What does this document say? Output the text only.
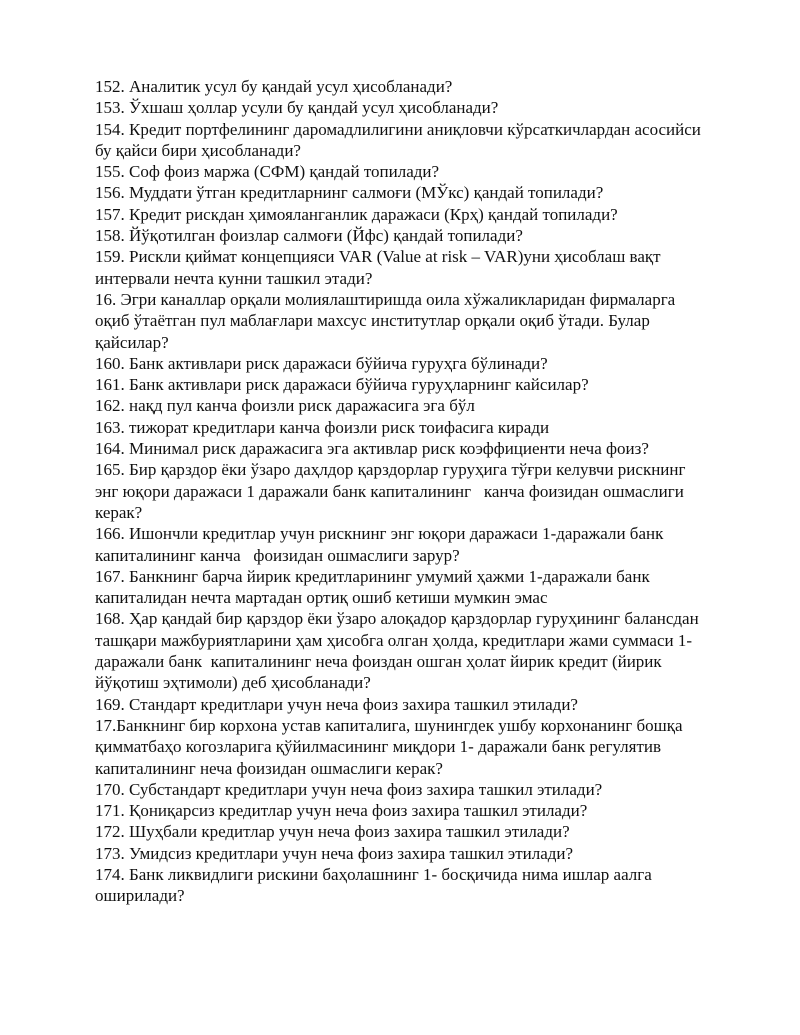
152. Аналитик усул бу қандай усул ҳисобланади?

153. Ўхшаш ҳоллар усули бу қандай усул ҳисобланади?

154. Кредит портфелининг даромадлилигини аниқловчи кўрсаткичлардан асосийси бу қайси бири ҳисобланади?

155. Соф фоиз маржа (СФМ) қандай топилади?

156. Муддати ўтган кредитларнинг салмоғи (МЎкс) қандай топилади?

157. Кредит рискдан ҳимояланганлик даражаси (Крҳ) қандай топилади?

158. Йўқотилган фоизлар салмоғи (Йфс) қандай топилади?

159. Рискли қиймат концепцияси VAR (Value at risk – VAR)уни ҳисоблаш вақт интервали нечта кунни ташкил этади?

16. Эгри каналлар орқали молиялаштиришда оила хўжаликларидан фирмаларга оқиб ўтаётган пул маблағлари махсус институтлар орқали оқиб ўтади. Булар қайсилар?

160. Банк активлари риск даражаси бўйича гуруҳга бўлинади?

161. Банк активлари риск даражаси бўйича гуруҳларнинг кайсилар?

162. нақд пул канча фоизли риск даражасига эга бўл

163. тижорат кредитлари канча фоизли риск тоифасига киради

164. Минимал риск даражасига эга активлар риск коэффициенти неча фоиз?

165. Бир қарздор ёки ўзаро даҳлдор қарздорлар гуруҳига тўғри келувчи рискнинг энг юқори даражаси 1 даражали банк капиталининг   канча фоизидан ошмаслиги керак?

166. Ишончли кредитлар учун рискнинг энг юқори даражаси 1-даражали банк капиталининг канча   фоизидан ошмаслиги зарур?

167. Банкнинг барча йирик кредитларининг умумий ҳажми 1-даражали банк капиталидан нечта мартадан ортиқ ошиб кетиши мумкин эмас

168. Ҳар қандай бир қарздор ёки ўзаро алоқадор қарздорлар гуруҳининг балансдан ташқари мажбуриятларини ҳам ҳисобга олган ҳолда, кредитлари жами суммаси 1- даражали банк  капиталининг неча фоиздан ошган ҳолат йирик кредит (йирик йўқотиш эҳтимоли) деб ҳисобланади?

169. Стандарт кредитлари учун неча фоиз захира ташкил этилади?

17.Банкнинг бир корхона устав капиталига, шунингдек ушбу корхонанинг бошқа қимматбаҳо когозларига қўйилмасининг миқдори 1- даражали банк регулятив капиталининг неча фоизидан ошмаслиги керак?

170. Субстандарт кредитлари учун неча фоиз захира ташкил этилади?

171. Қониқарсиз кредитлар учун неча фоиз захира ташкил этилади?

172. Шуҳбали кредитлар учун неча фоиз захира ташкил этилади?

173. Умидсиз кредитлари учун неча фоиз захира ташкил этилади?

174. Банк ликвидлиги рискини баҳолашнинг 1- босқичида нима ишлар аалга оширилади?
